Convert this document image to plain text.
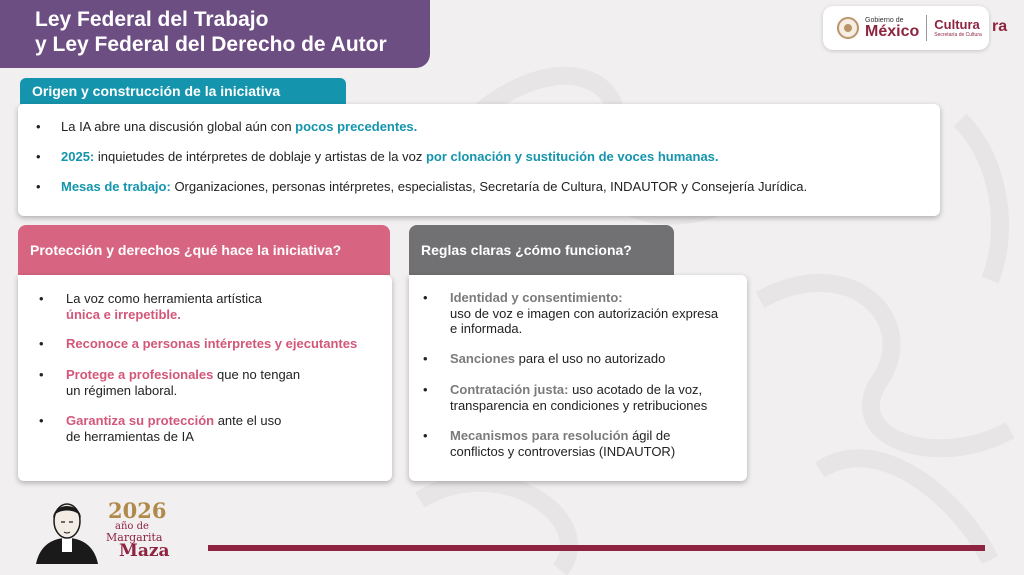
Ley Federal del Trabajo
y Ley Federal del Derecho de Autor
Gobierno de
México Cultura
Secretaría de Cultura ra
Origen y construcción de la iniciativa
• La IA abre una discusión global aún con pocos precedentes.
• 2025: inquietudes de intérpretes de doblaje y artistas de la voz por clonación y sustitución de voces humanas.
• Mesas de trabajo: Organizaciones, personas intérpretes, especialistas, Secretaría de Cultura, INDAUTOR y Consejería Jurídica.
Protección y derechos ¿qué hace la iniciativa?
• La voz como herramienta artística
única e irrepetible.
• Reconoce a personas intérpretes y ejecutantes
• Protege a profesionales que no tengan
un régimen laboral.
• Garantiza su protección ante el uso
de herramientas de IA
Reglas claras ¿cómo funciona?
• Identidad y consentimiento:
uso de voz e imagen con autorización expresa
e informada.
• Sanciones para el uso no autorizado
• Contratación justa: uso acotado de la voz,
transparencia en condiciones y retribuciones
• Mecanismos para resolución ágil de
conflictos y controversias (INDAUTOR)
2026
año de
Margarita
Maza
